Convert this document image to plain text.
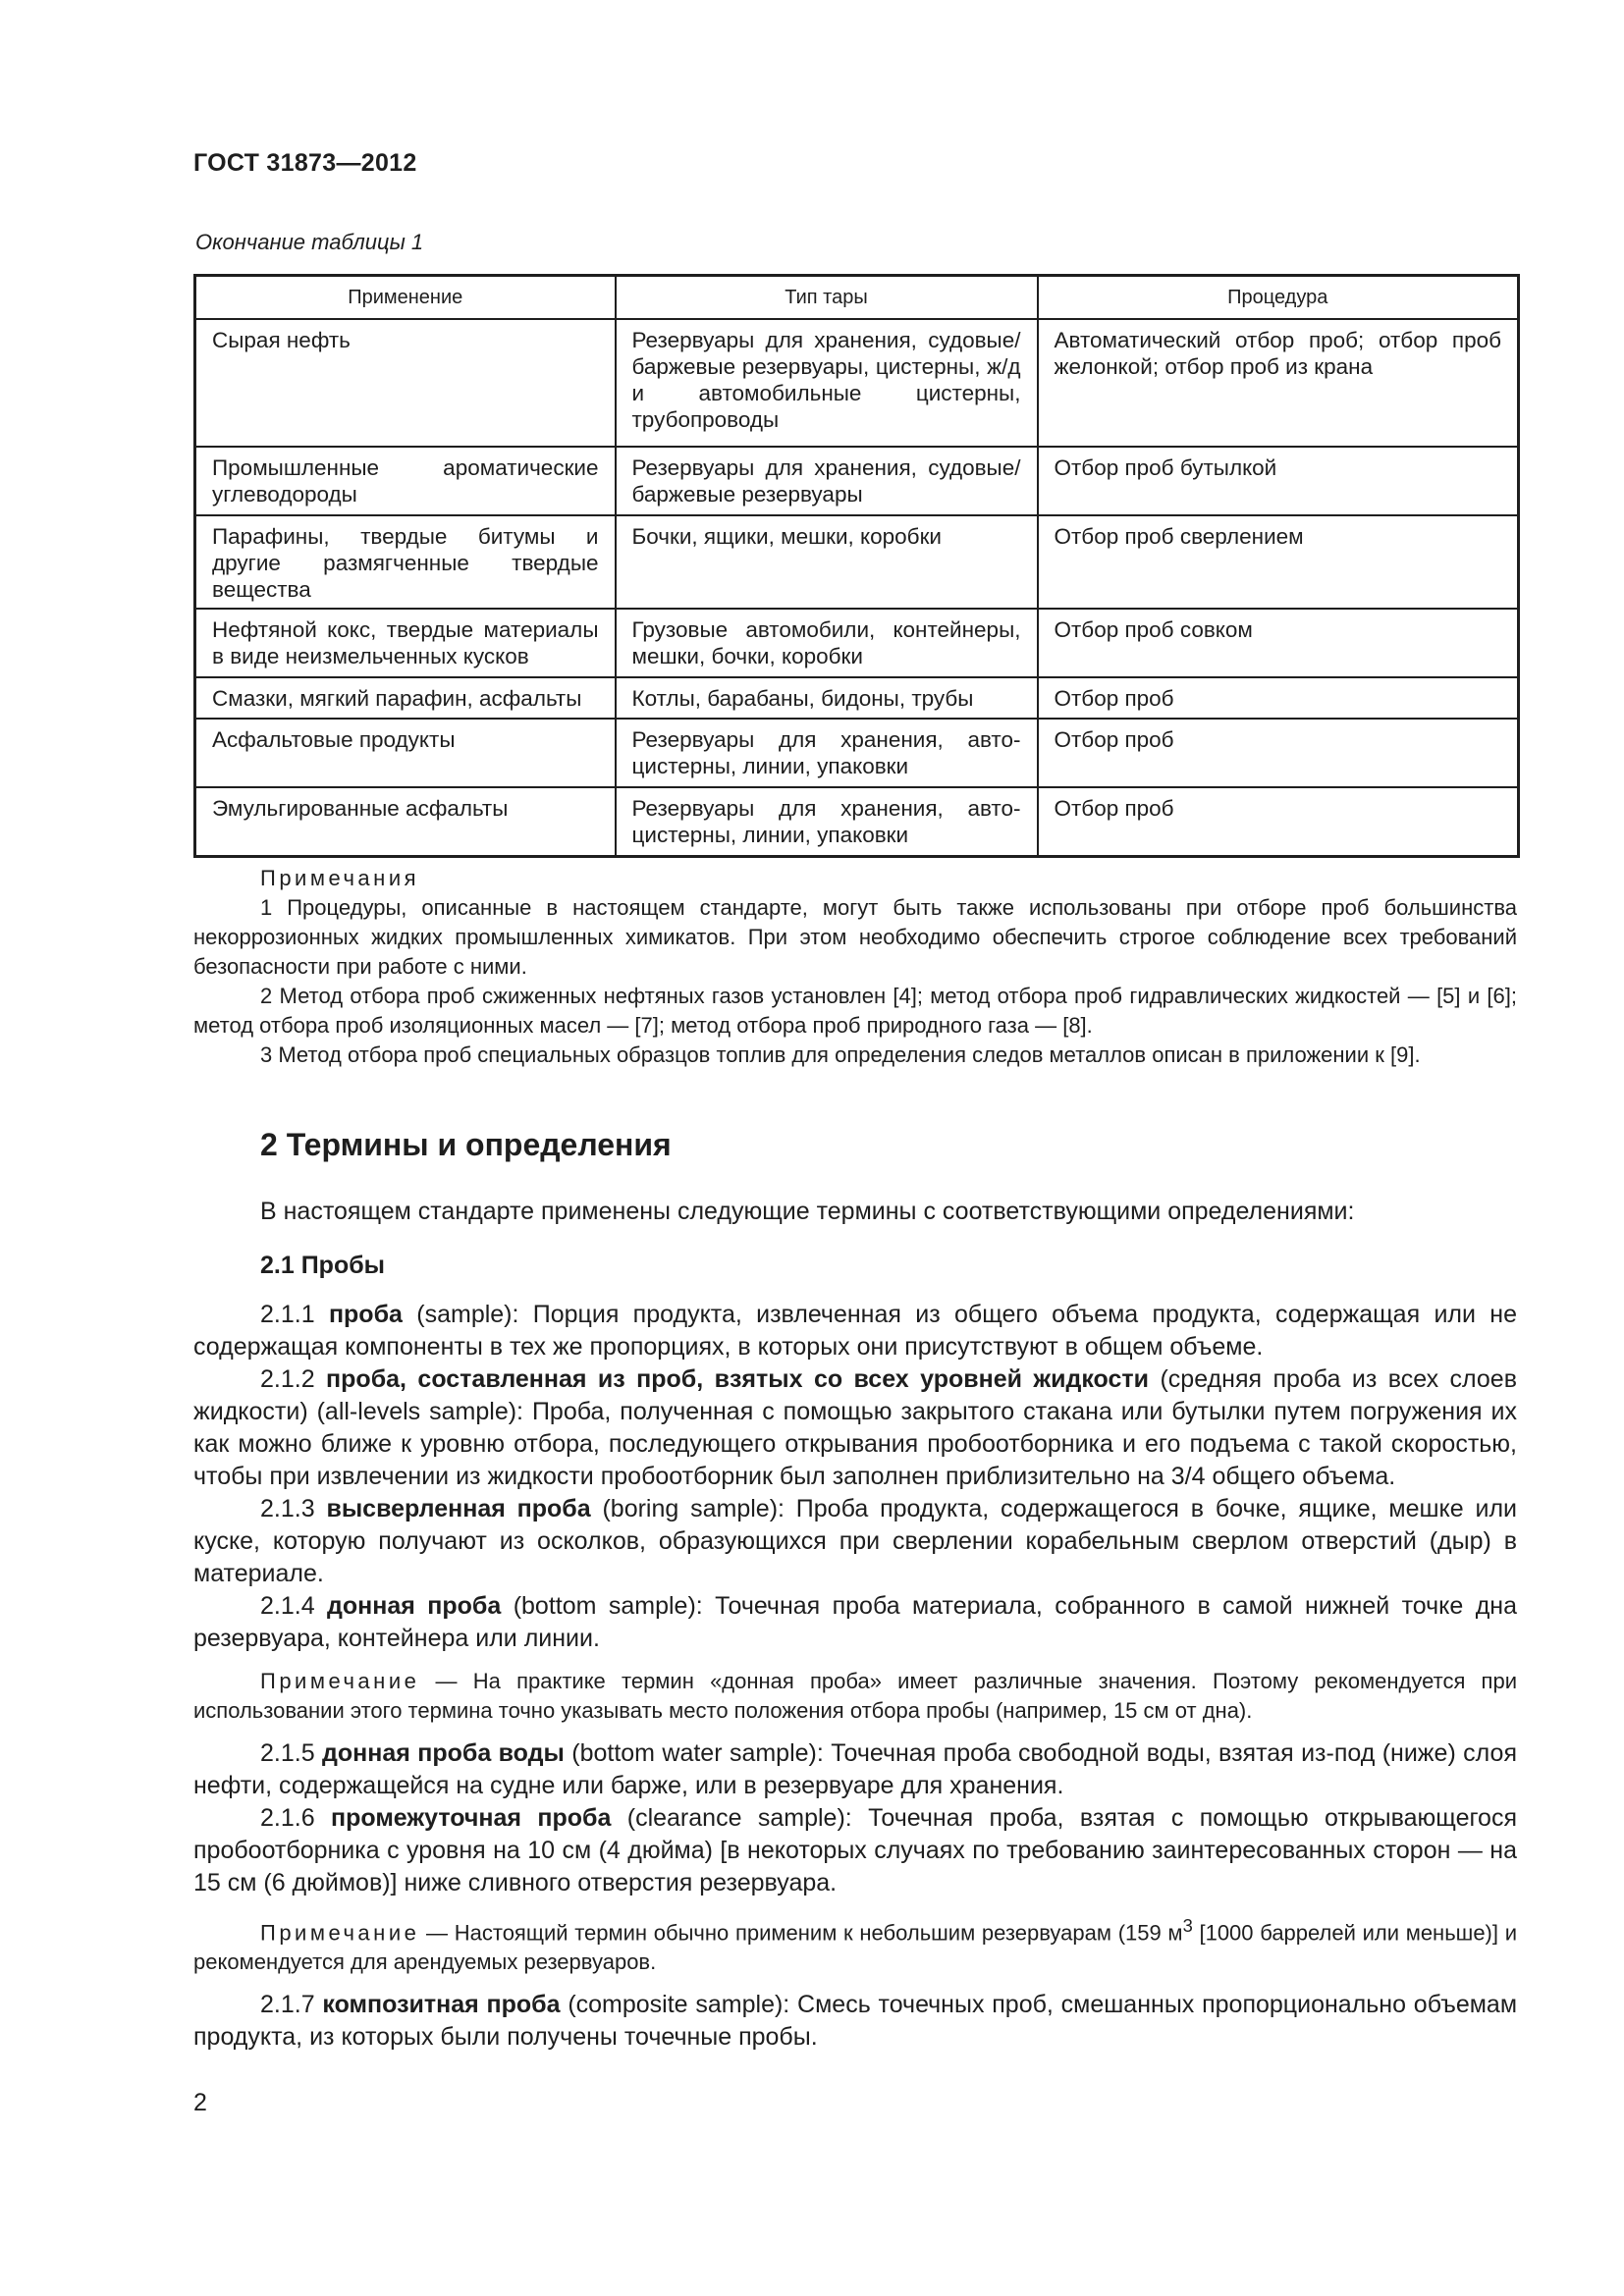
ГОСТ 31873—2012
Окончание таблицы 1
Применение	Тип тары	Процедура
Сырая нефть	Резервуары для хранения, судовые/баржевые резервуары, цистерны, ж/д и автомобильные цистерны, трубопроводы	Автоматический отбор проб; отбор проб желонкой; отбор проб из крана
Промышленные ароматические углеводороды	Резервуары для хранения, судовые/баржевые резервуары	Отбор проб бутылкой
Парафины, твердые битумы и другие размягченные твердые вещества	Бочки, ящики, мешки, коробки	Отбор проб сверлением
Нефтяной кокс, твердые материалы в виде неизмельченных кусков	Грузовые автомобили, контейнеры, мешки, бочки, коробки	Отбор проб совком
Смазки, мягкий парафин, асфальты	Котлы, барабаны, бидоны, трубы	Отбор проб
Асфальтовые продукты	Резервуары для хранения, автоцистерны, линии, упаковки	Отбор проб
Эмульгированные асфальты	Резервуары для хранения, автоцистерны, линии, упаковки	Отбор проб

Примечания

1 Процедуры, описанные в настоящем стандарте, могут быть также использованы при отборе проб большинства некоррозионных жидких промышленных химикатов. При этом необходимо обеспечить строгое соблюдение всех требований безопасности при работе с ними.

2 Метод отбора проб сжиженных нефтяных газов установлен [4]; метод отбора проб гидравлических жидкостей — [5] и [6]; метод отбора проб изоляционных масел — [7]; метод отбора проб природного газа — [8].

3 Метод отбора проб специальных образцов топлив для определения следов металлов описан в приложении к [9].

2 Термины и определения

В настоящем стандарте применены следующие термины с соответствующими определениями:

2.1 Пробы

2.1.1 проба (sample): Порция продукта, извлеченная из общего объема продукта, содержащая или не содержащая компоненты в тех же пропорциях, в которых они присутствуют в общем объеме.

2.1.2 проба, составленная из проб, взятых со всех уровней жидкости (средняя проба из всех слоев жидкости) (all-levels sample): Проба, полученная с помощью закрытого стакана или бутылки путем погружения их как можно ближе к уровню отбора, последующего открывания пробоотборника и его подъема с такой скоростью, чтобы при извлечении из жидкости пробоотборник был заполнен приблизительно на 3/4 общего объема.

2.1.3 высверленная проба (boring sample): Проба продукта, содержащегося в бочке, ящике, мешке или куске, которую получают из осколков, образующихся при сверлении корабельным сверлом отверстий (дыр) в материале.

2.1.4 донная проба (bottom sample): Точечная проба материала, собранного в самой нижней точке дна резервуара, контейнера или линии.

Примечание — На практике термин «донная проба» имеет различные значения. Поэтому рекомендуется при использовании этого термина точно указывать место положения отбора пробы (например, 15 см от дна).

2.1.5 донная проба воды (bottom water sample): Точечная проба свободной воды, взятая из-под (ниже) слоя нефти, содержащейся на судне или барже, или в резервуаре для хранения.

2.1.6 промежуточная проба (clearance sample): Точечная проба, взятая с помощью открывающегося пробоотборника с уровня на 10 см (4 дюйма) [в некоторых случаях по требованию заинтересованных сторон — на 15 см (6 дюймов)] ниже сливного отверстия резервуара.

Примечание — Настоящий термин обычно применим к небольшим резервуарам (159 $м^3$ [1000 баррелей или меньше)] и рекомендуется для арендуемых резервуаров.

2.1.7 композитная проба (composite sample): Смесь точечных проб, смешанных пропорционально объемам продукта, из которых были получены точечные пробы.

2
